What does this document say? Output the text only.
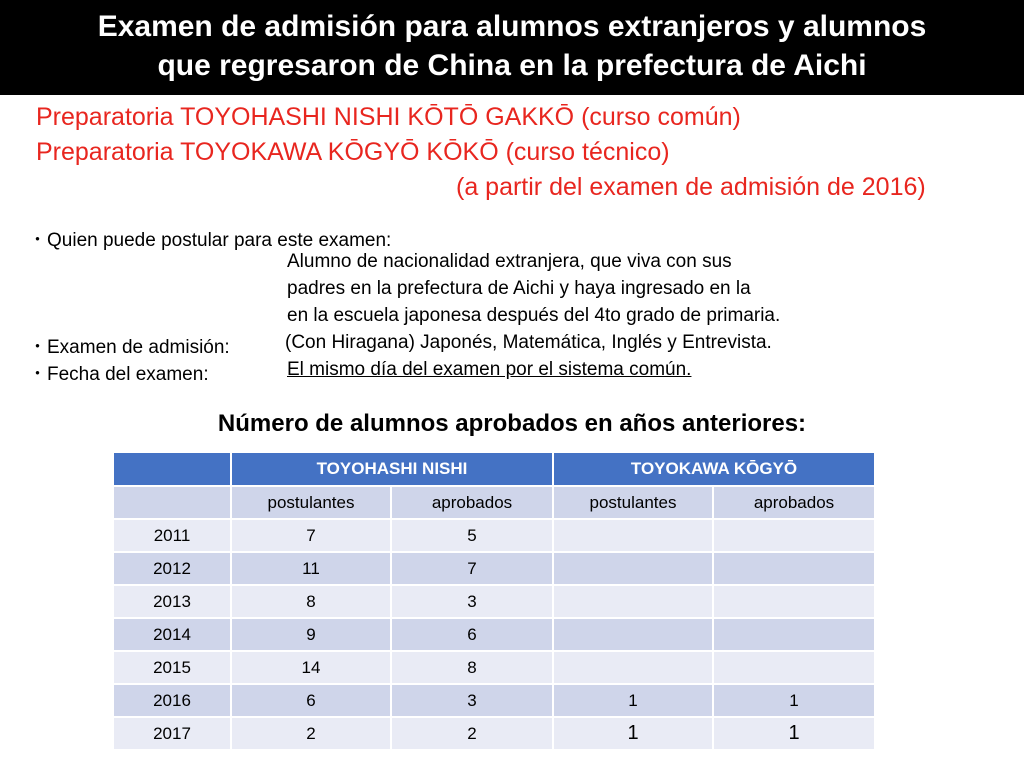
Examen de admisión para alumnos extranjeros y alumnos
que regresaron de China en la prefectura de Aichi
Preparatoria TOYOHASHI NISHI KŌTŌ GAKKŌ (curso común)
Preparatoria TOYOKAWA KŌGYŌ KŌKŌ (curso técnico)
(a partir del examen de admisión de 2016)
・Quien puede postular para este examen:
Alumno de nacionalidad extranjera, que viva con sus
padres en la prefectura de Aichi y haya ingresado en la
en la escuela japonesa después del 4to grado de primaria.
・Examen de admisión:	(Con Hiragana) Japonés, Matemática, Inglés y Entrevista.
・Fecha del examen:	El mismo día del examen por el sistema común.
Número de alumnos aprobados en años anteriores:
	TOYOHASHI NISHI		TOYOKAWA KŌGYŌ	
	postulantes	aprobados	postulantes	aprobados
2011	7	5		
2012	11	7		
2013	8	3		
2014	9	6		
2015	14	8		
2016	6	3	1	1
2017	2	2	1	1
